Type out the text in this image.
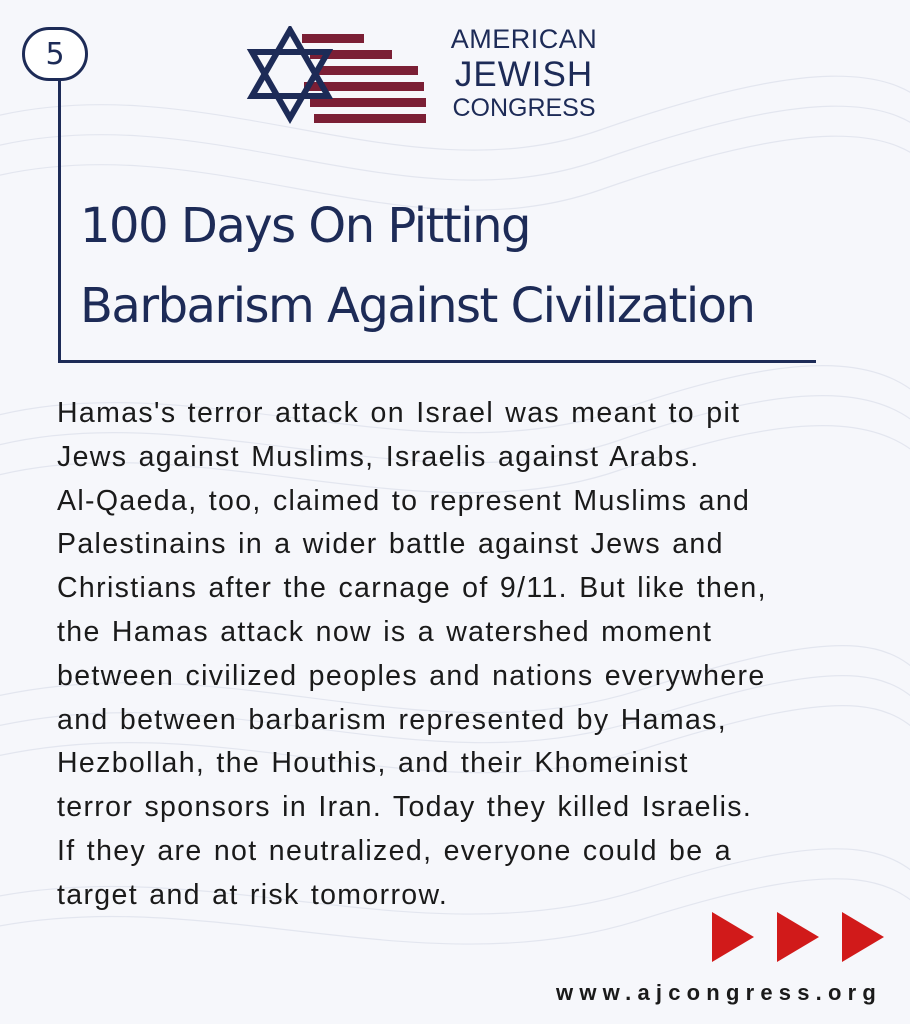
5	AMERICAN
JEWISH
CONGRESS
100 Days On Pitting
Barbarism Against Civilization

Hamas's terror attack on Israel was meant to pit
Jews against Muslims, Israelis against Arabs.
Al-Qaeda, too, claimed to represent Muslims and
Palestinains in a wider battle against Jews and
Christians after the carnage of 9/11. But like then,
the Hamas attack now is a watershed moment
between civilized peoples and nations everywhere
and between barbarism represented by Hamas,
Hezbollah, the Houthis, and their Khomeinist
terror sponsors in Iran. Today they killed Israelis.
If they are not neutralized, everyone could be a
target and at risk tomorrow.

www.ajcongress.org
